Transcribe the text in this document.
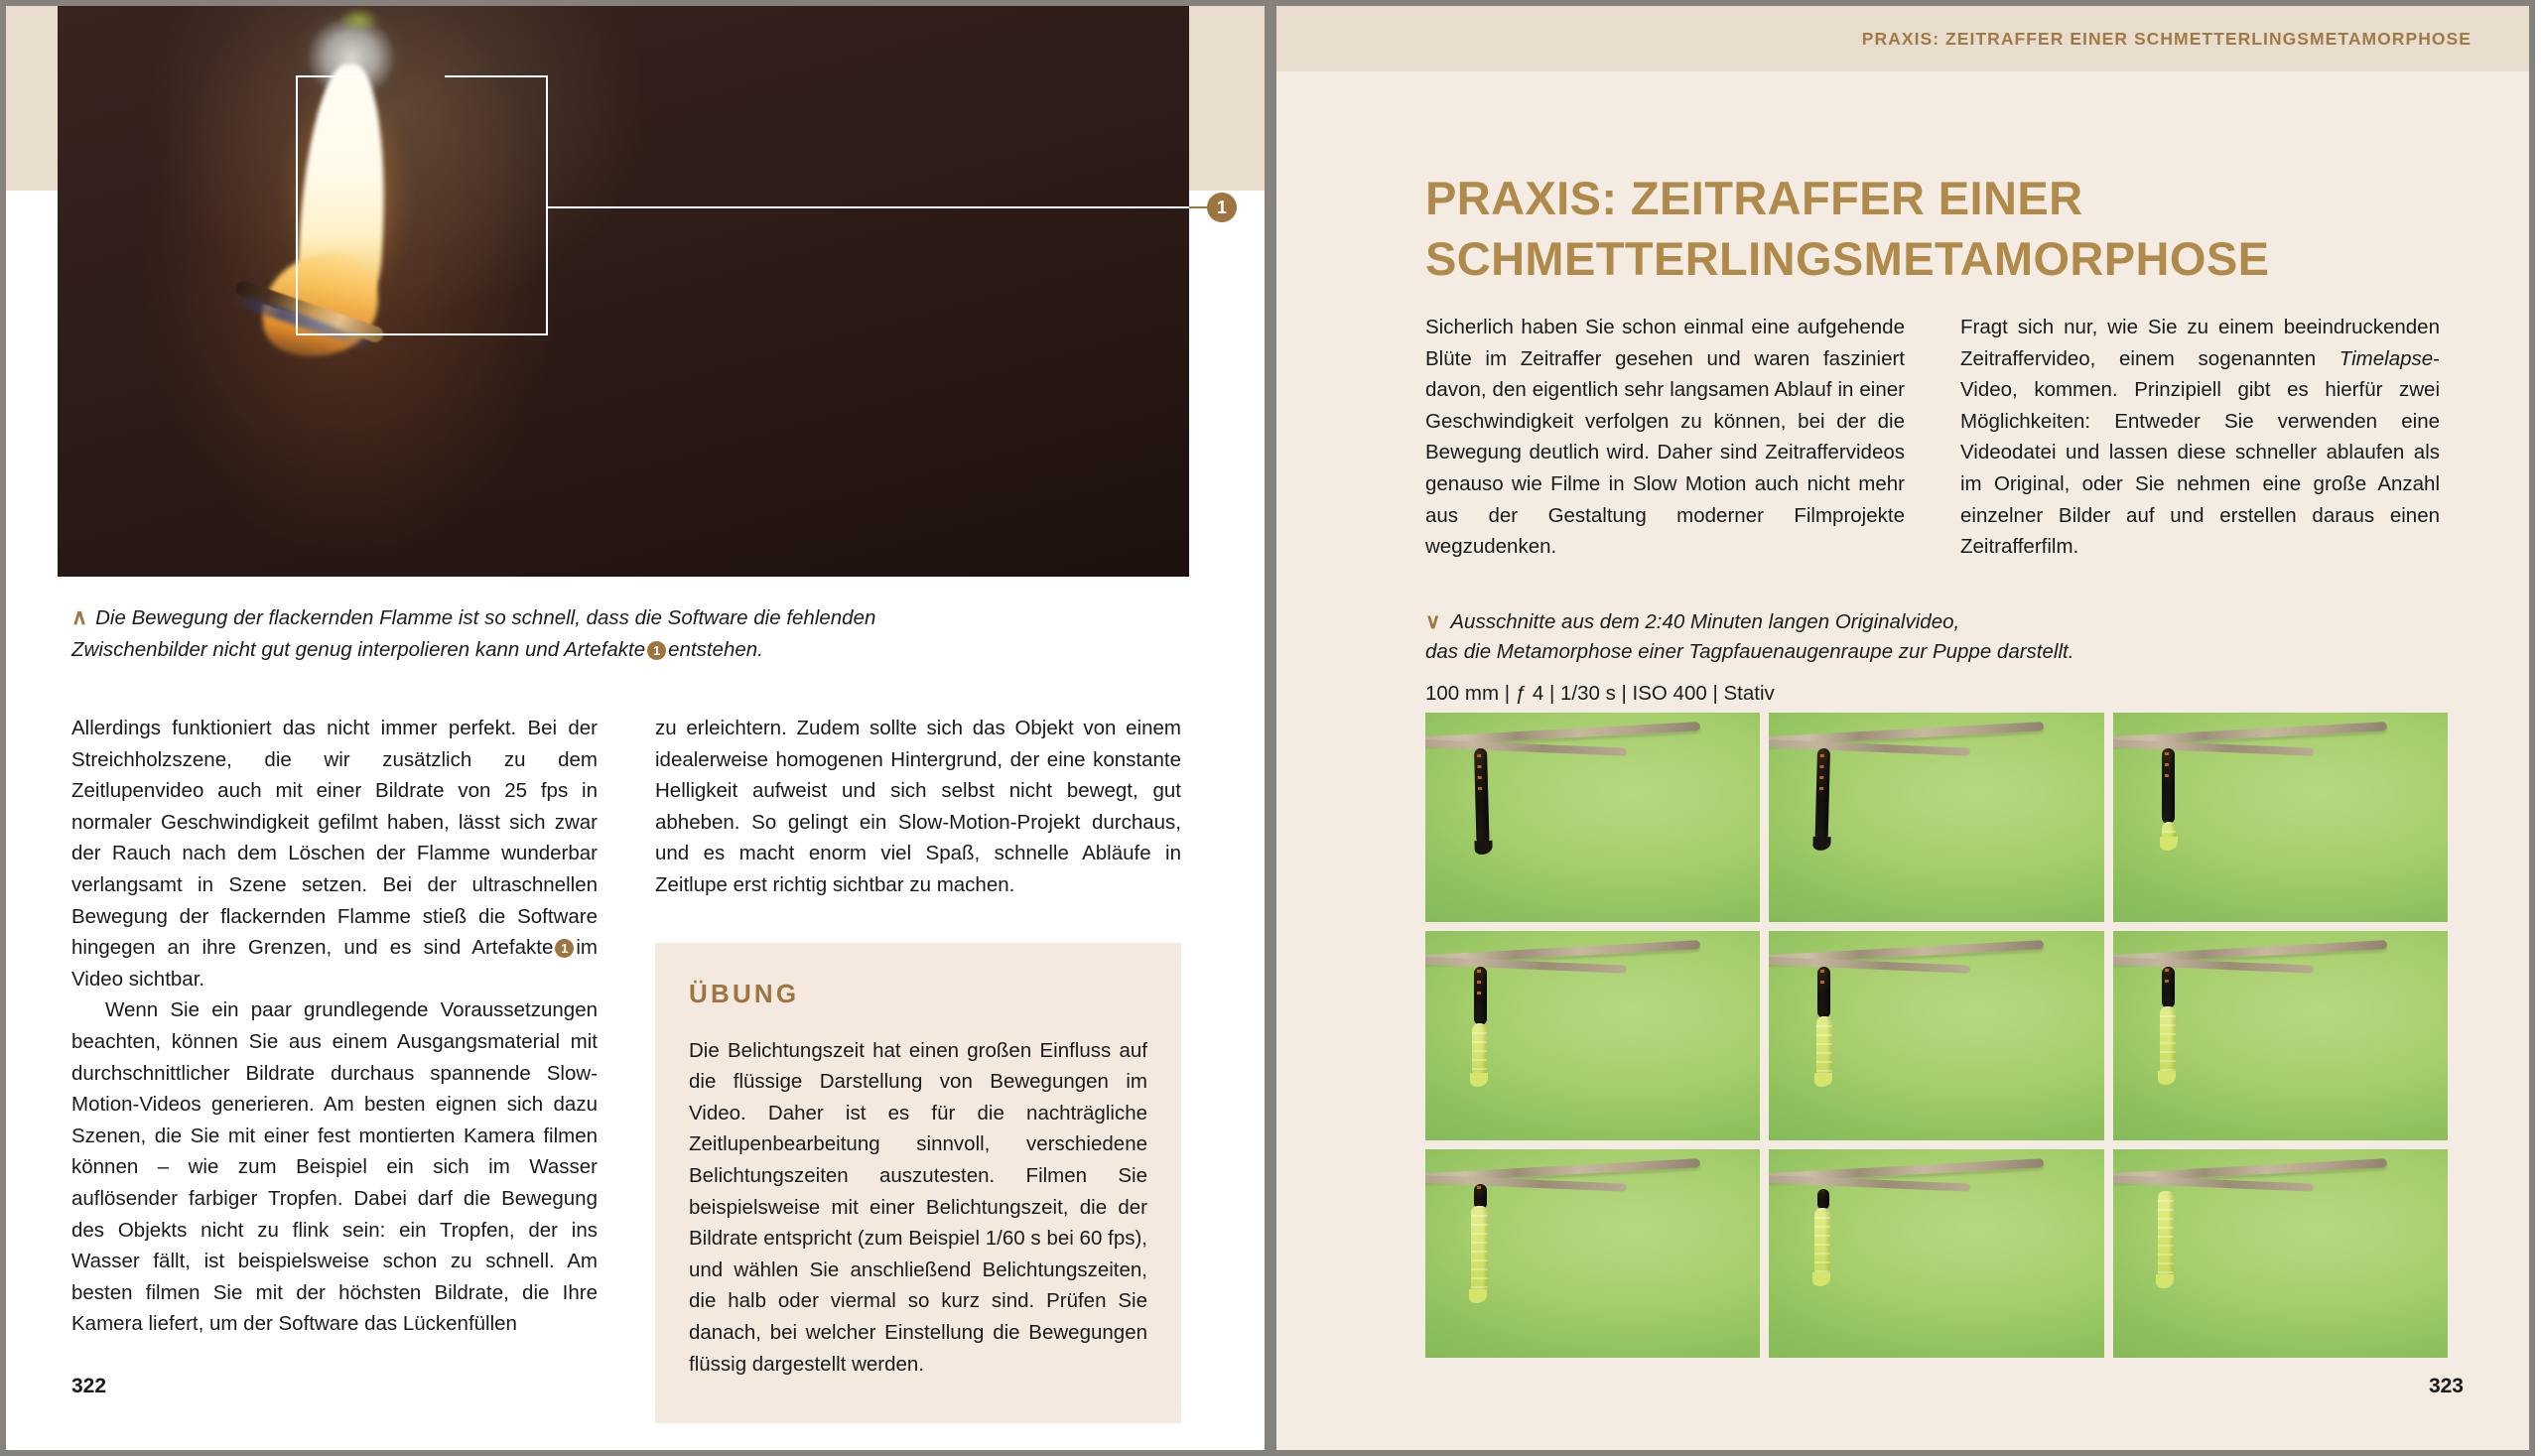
1
∧ Die Bewegung der flackernden Flamme ist so schnell, dass die Software die fehlenden
Zwischenbilder nicht gut genug interpolieren kann und Artefakte 1 entstehen.

Allerdings funktioniert das nicht immer perfekt. Bei der Streichholzszene, die wir zusätzlich zu dem Zeitlupenvideo auch mit einer Bildrate von 25 fps in normaler Geschwindigkeit gefilmt haben, lässt sich zwar der Rauch nach dem Löschen der Flamme wunderbar verlangsamt in Szene setzen. Bei der ultraschnellen Bewegung der flackernden Flamme stieß die Software hingegen an ihre Grenzen, und es sind Artefakte 1 im Video sichtbar.

Wenn Sie ein paar grundlegende Voraussetzungen beachten, können Sie aus einem Ausgangsmaterial mit durchschnittlicher Bildrate durchaus spannende Slow-Motion-Videos generieren. Am besten eignen sich dazu Szenen, die Sie mit einer fest montierten Kamera filmen können – wie zum Beispiel ein sich im Wasser auflösender farbiger Tropfen. Dabei darf die Bewegung des Objekts nicht zu flink sein: ein Tropfen, der ins Wasser fällt, ist beispielsweise schon zu schnell. Am besten filmen Sie mit der höchsten Bildrate, die Ihre Kamera liefert, um der Software das Lückenfüllen

zu erleichtern. Zudem sollte sich das Objekt von einem idealerweise homogenen Hintergrund, der eine konstante Helligkeit aufweist und sich selbst nicht bewegt, gut abheben. So gelingt ein Slow-Motion-Projekt durchaus, und es macht enorm viel Spaß, schnelle Abläufe in Zeitlupe erst richtig sichtbar zu machen.

ÜBUNG

Die Belichtungszeit hat einen großen Einfluss auf die flüssige Darstellung von Bewegungen im Video. Daher ist es für die nachträgliche Zeitlupenbearbeitung sinnvoll, verschiedene Belichtungszeiten auszutesten. Filmen Sie beispielsweise mit einer Belichtungszeit, die der Bildrate entspricht (zum Beispiel 1/60 s bei 60 fps), und wählen Sie anschließend Belichtungszeiten, die halb oder viermal so kurz sind. Prüfen Sie danach, bei welcher Einstellung die Bewegungen flüssig dargestellt werden.

322
PRAXIS: ZEITRAFFER EINER SCHMETTERLINGSMETAMORPHOSE
PRAXIS: ZEITRAFFER EINER
SCHMETTERLINGSMETAMORPHOSE

Sicherlich haben Sie schon einmal eine aufgehende Blüte im Zeitraffer gesehen und waren fasziniert davon, den eigentlich sehr langsamen Ablauf in einer Geschwindigkeit verfolgen zu können, bei der die Bewegung deutlich wird. Daher sind Zeitraffervideos genauso wie Filme in Slow Motion auch nicht mehr aus der Gestaltung moderner Filmprojekte wegzudenken.

Fragt sich nur, wie Sie zu einem beeindruckenden Zeitraffervideo, einem sogenannten Timelapse-Video, kommen. Prinzipiell gibt es hierfür zwei Möglichkeiten: Entweder Sie verwenden eine Videodatei und lassen diese schneller ablaufen als im Original, oder Sie nehmen eine große Anzahl einzelner Bilder auf und erstellen daraus einen Zeitrafferfilm.

∨ Ausschnitte aus dem 2:40 Minuten langen Originalvideo,
das die Metamorphose einer Tagpfauenaugenraupe zur Puppe darstellt.
100 mm | ƒ 4 | 1/30 s | ISO 400 | Stativ
323
